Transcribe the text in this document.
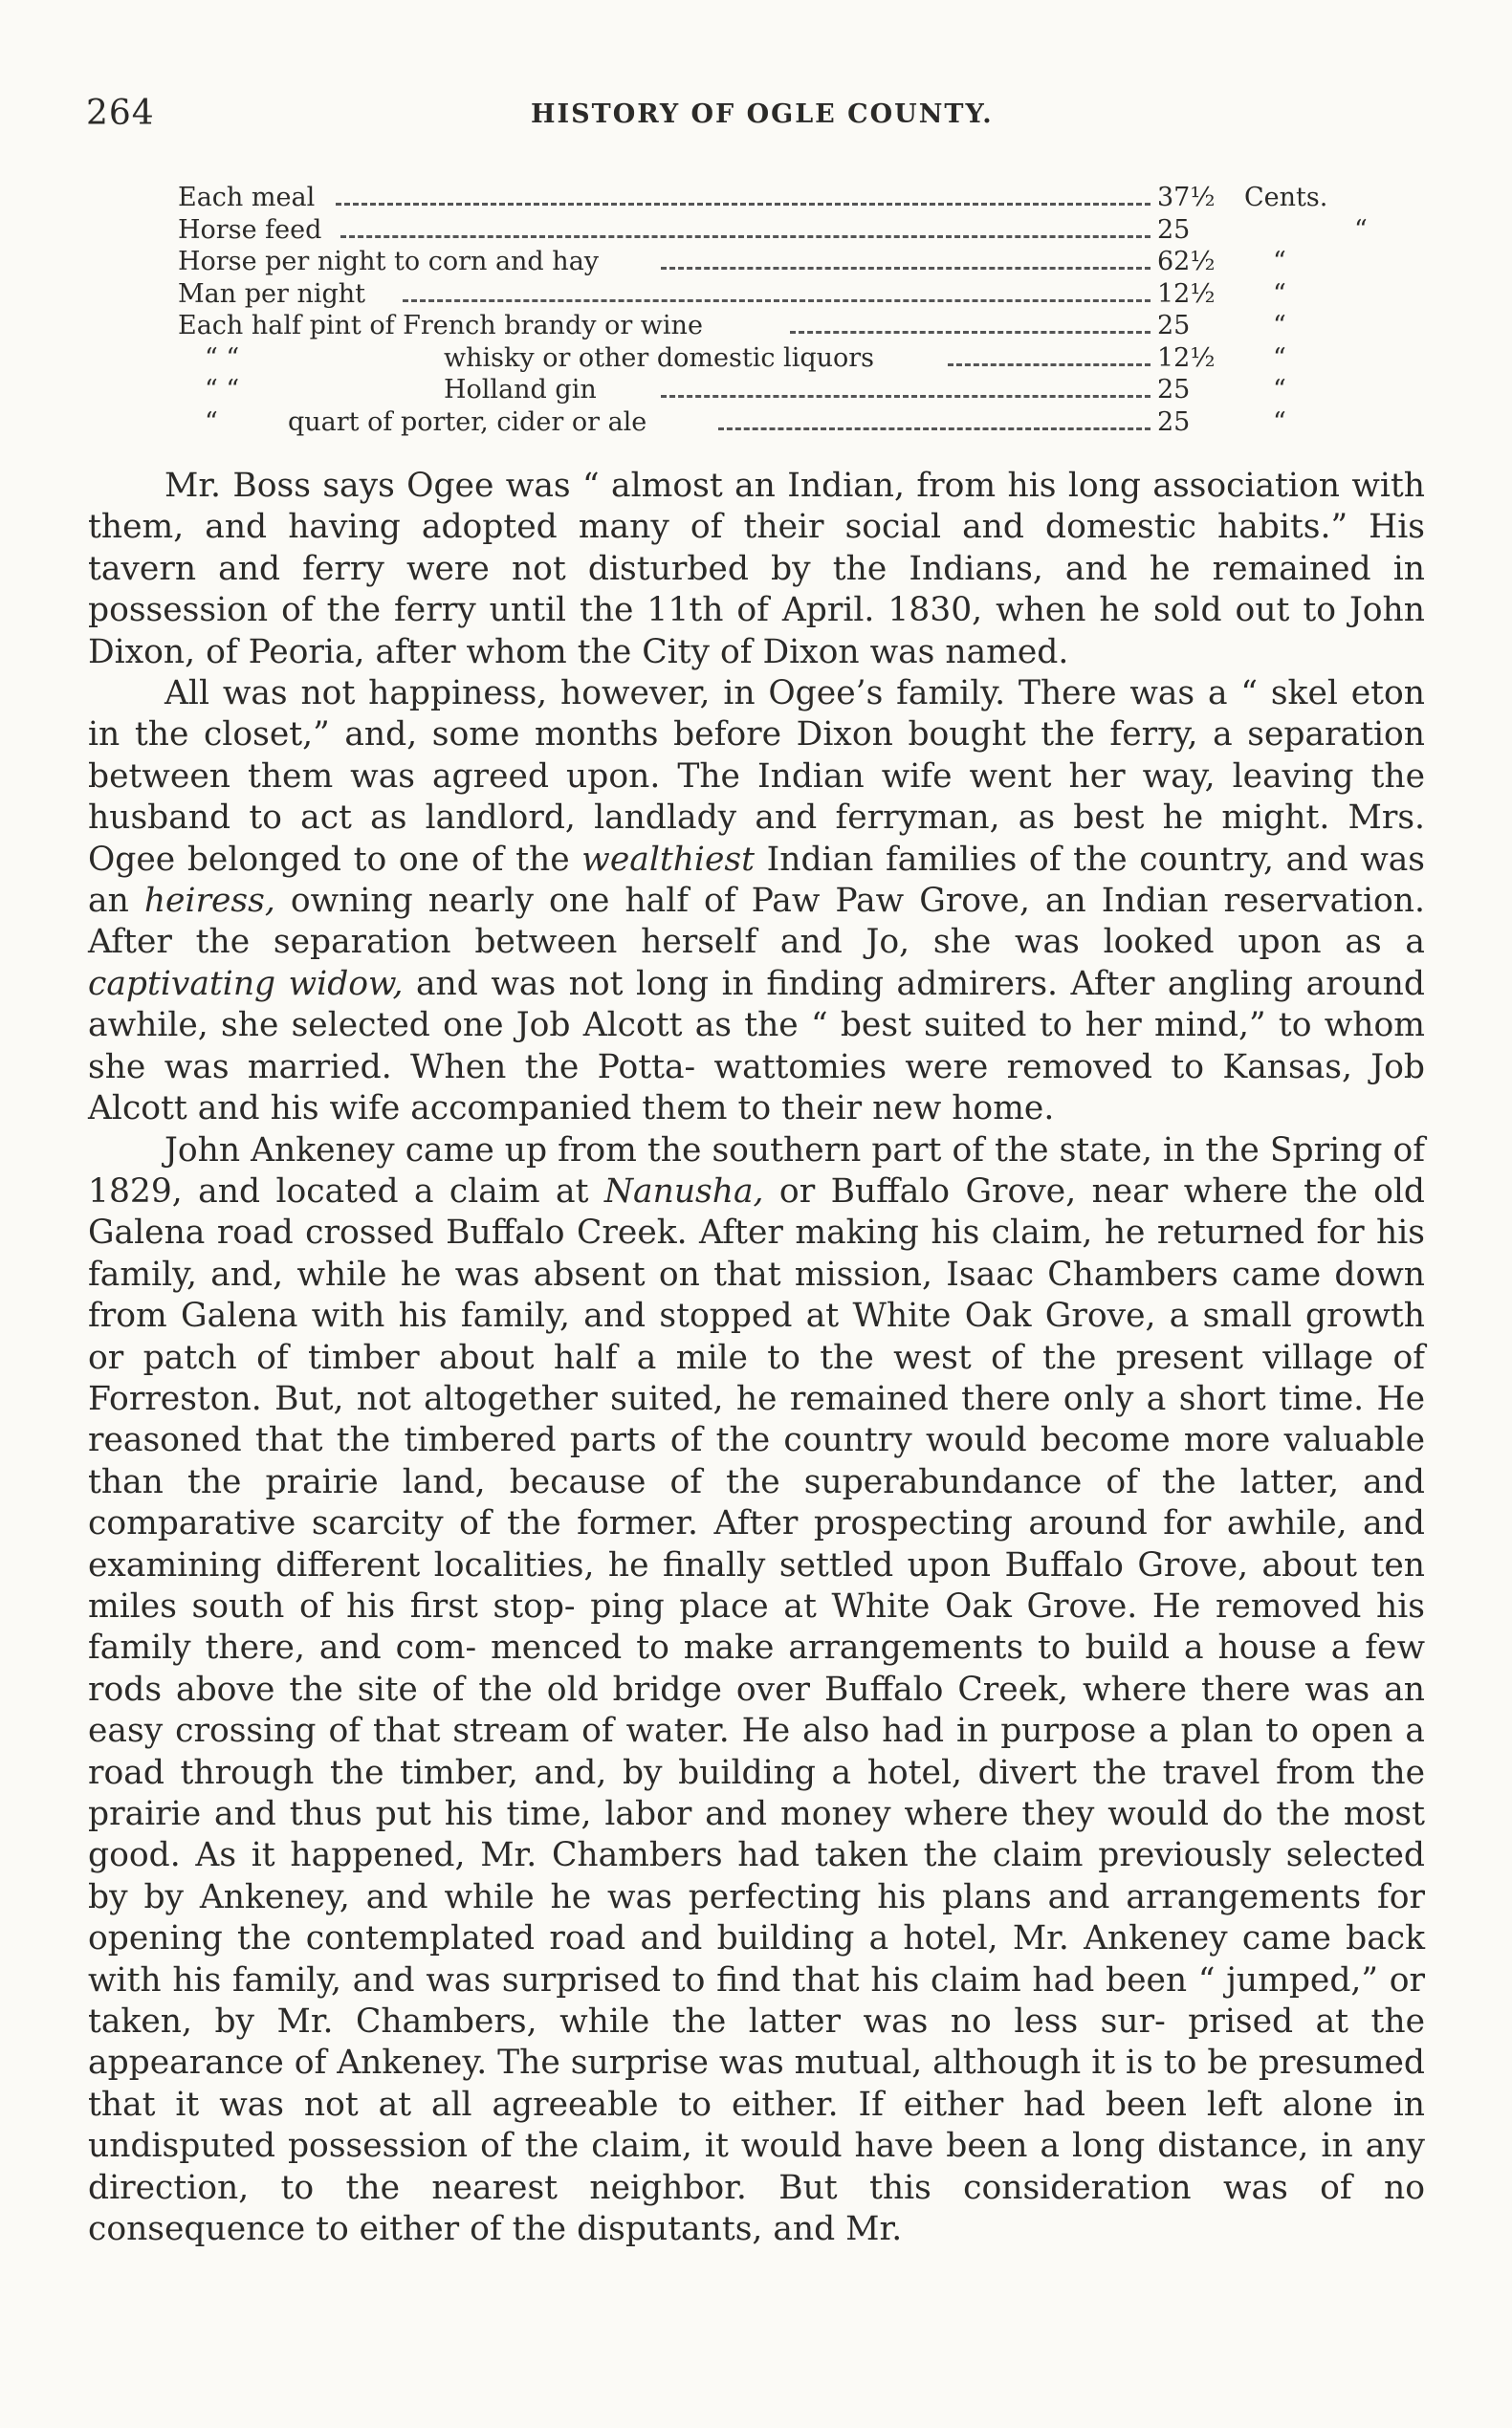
264	HISTORY OF OGLE COUNTY.
Each meal	37½ Cents.
Horse feed	25	“
Horse per night to corn and hay	62½ “
Man per night	12½ “
Each half pint of French brandy or wine	25	“
“ “	whisky or other domestic liquors	12½ “
“ “	Holland gin	25	“
“	quart of porter, cider or ale	25	“

Mr. Boss says Ogee was “ almost an Indian, from his long association with them, and having adopted many of their social and domestic habits.” His tavern and ferry were not disturbed by the Indians, and he remained in possession of the ferry until the 11th of April. 1830, when he sold out to John Dixon, of Peoria, after whom the City of Dixon was named.

All was not happiness, however, in Ogee’s family. There was a “ skel eton in the closet,” and, some months before Dixon bought the ferry, a separation between them was agreed upon. The Indian wife went her way, leaving the husband to act as landlord, landlady and ferryman, as best he might. Mrs. Ogee belonged to one of the wealthiest Indian families of the country, and was an heiress, owning nearly one half of Paw Paw Grove, an Indian reservation. After the separation between herself and Jo, she was looked upon as a captivating widow, and was not long in finding admirers. After angling around awhile, she selected one Job Alcott as the “ best suited to her mind,” to whom she was married. When the Potta- wattomies were removed to Kansas, Job Alcott and his wife accompanied them to their new home.

John Ankeney came up from the southern part of the state, in the Spring of 1829, and located a claim at Nanusha, or Buffalo Grove, near where the old Galena road crossed Buffalo Creek. After making his claim, he returned for his family, and, while he was absent on that mission, Isaac Chambers came down from Galena with his family, and stopped at White Oak Grove, a small growth or patch of timber about half a mile to the west of the present village of Forreston. But, not altogether suited, he remained there only a short time. He reasoned that the timbered parts of the country would become more valuable than the prairie land, because of the superabundance of the latter, and comparative scarcity of the former. After prospecting around for awhile, and examining different localities, he finally settled upon Buffalo Grove, about ten miles south of his first stop- ping place at White Oak Grove. He removed his family there, and com- menced to make arrangements to build a house a few rods above the site of the old bridge over Buffalo Creek, where there was an easy crossing of that stream of water. He also had in purpose a plan to open a road through the timber, and, by building a hotel, divert the travel from the prairie and thus put his time, labor and money where they would do the most good. As it happened, Mr. Chambers had taken the claim previously selected by by Ankeney, and while he was perfecting his plans and arrangements for opening the contemplated road and building a hotel, Mr. Ankeney came back with his family, and was surprised to find that his claim had been “ jumped,” or taken, by Mr. Chambers, while the latter was no less sur- prised at the appearance of Ankeney. The surprise was mutual, although it is to be presumed that it was not at all agreeable to either. If either had been left alone in undisputed possession of the claim, it would have been a long distance, in any direction, to the nearest neighbor. But this consideration was of no consequence to either of the disputants, and Mr.
